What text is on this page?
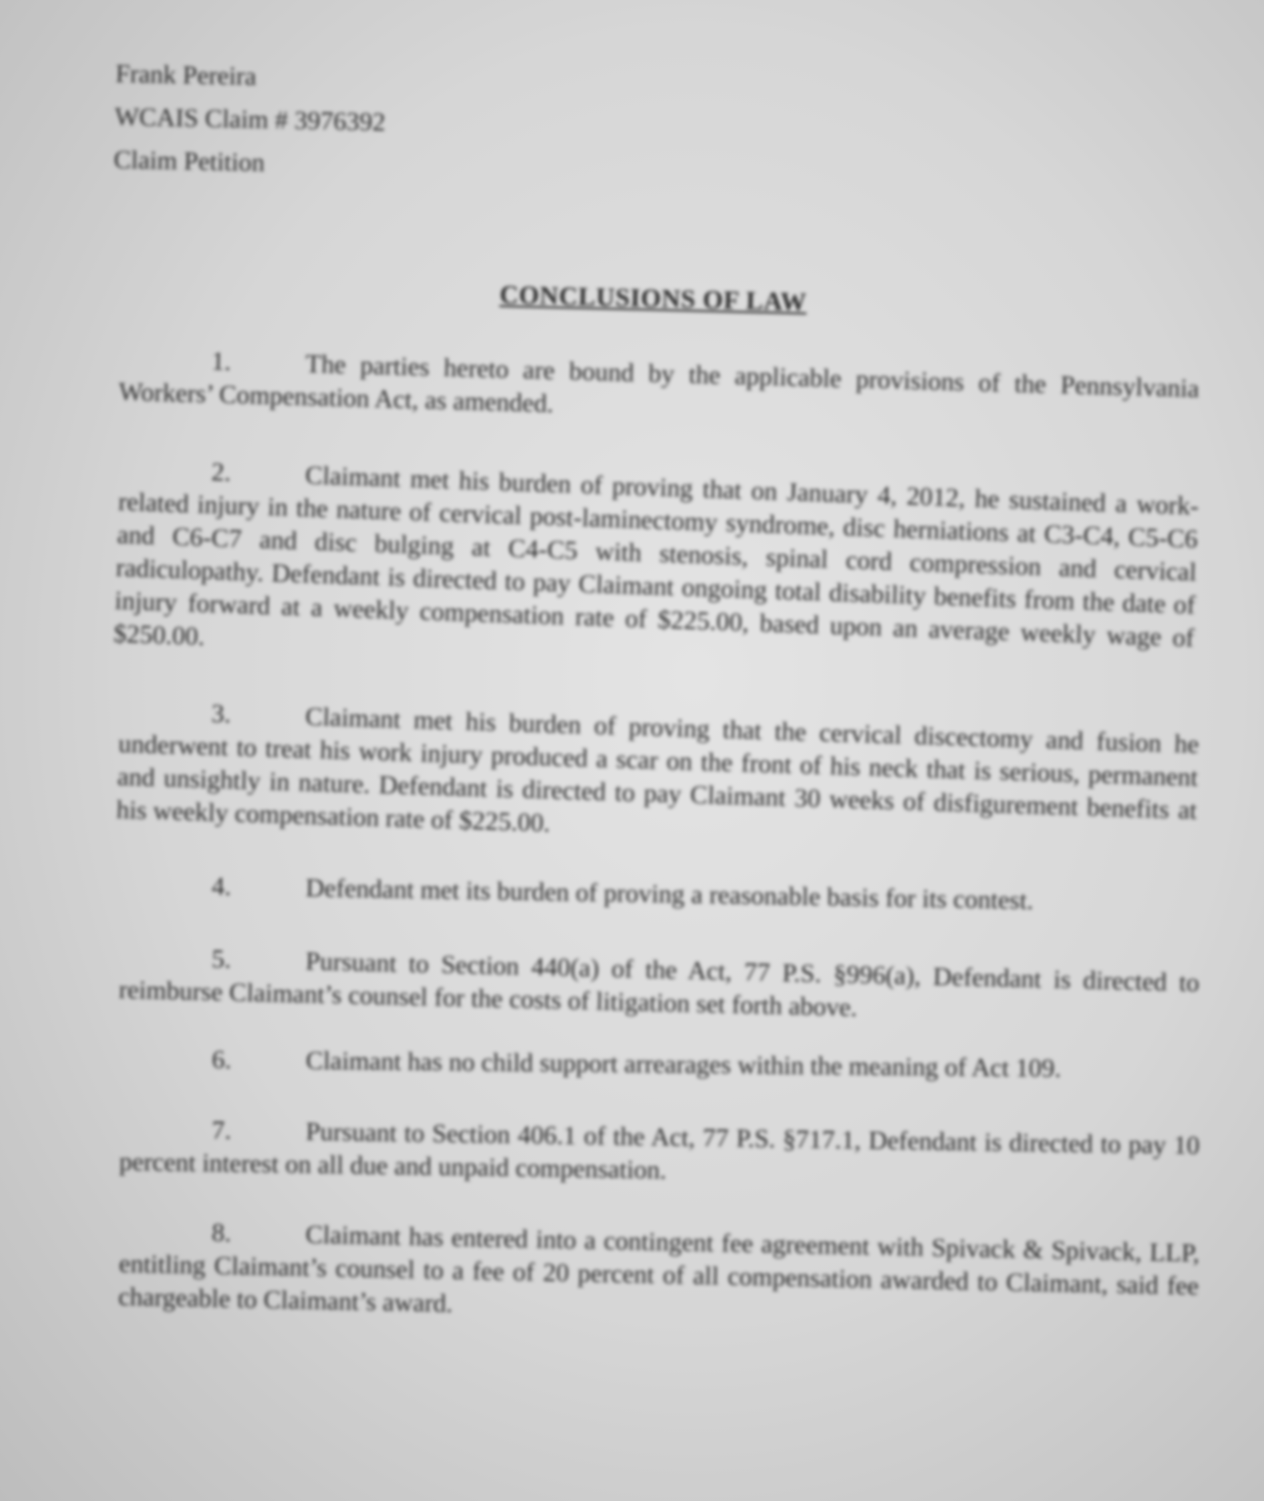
Frank Pereira
WCAIS Claim # 3976392
Claim Petition
CONCLUSIONS OF LAW
1.	The parties hereto are bound by the applicable provisions of the Pennsylvania Workers’ Compensation Act, as amended.
2.	Claimant met his burden of proving that on January 4, 2012, he sustained a work-related injury in the nature of cervical post-laminectomy syndrome, disc herniations at C3-C4, C5-C6 and C6-C7 and disc bulging at C4-C5 with stenosis, spinal cord compression and cervical radiculopathy. Defendant is directed to pay Claimant ongoing total disability benefits from the date of injury forward at a weekly compensation rate of $225.00, based upon an average weekly wage of $250.00.
3.	Claimant met his burden of proving that the cervical discectomy and fusion he underwent to treat his work injury produced a scar on the front of his neck that is serious, permanent and unsightly in nature. Defendant is directed to pay Claimant 30 weeks of disfigurement benefits at his weekly compensation rate of $225.00.
4.	Defendant met its burden of proving a reasonable basis for its contest.
5.	Pursuant to Section 440(a) of the Act, 77 P.S. §996(a), Defendant is directed to reimburse Claimant’s counsel for the costs of litigation set forth above.
6.	Claimant has no child support arrearages within the meaning of Act 109.
7.	Pursuant to Section 406.1 of the Act, 77 P.S. §717.1, Defendant is directed to pay 10 percent interest on all due and unpaid compensation.
8.	Claimant has entered into a contingent fee agreement with Spivack & Spivack, LLP, entitling Claimant’s counsel to a fee of 20 percent of all compensation awarded to Claimant, said fee chargeable to Claimant’s award.
